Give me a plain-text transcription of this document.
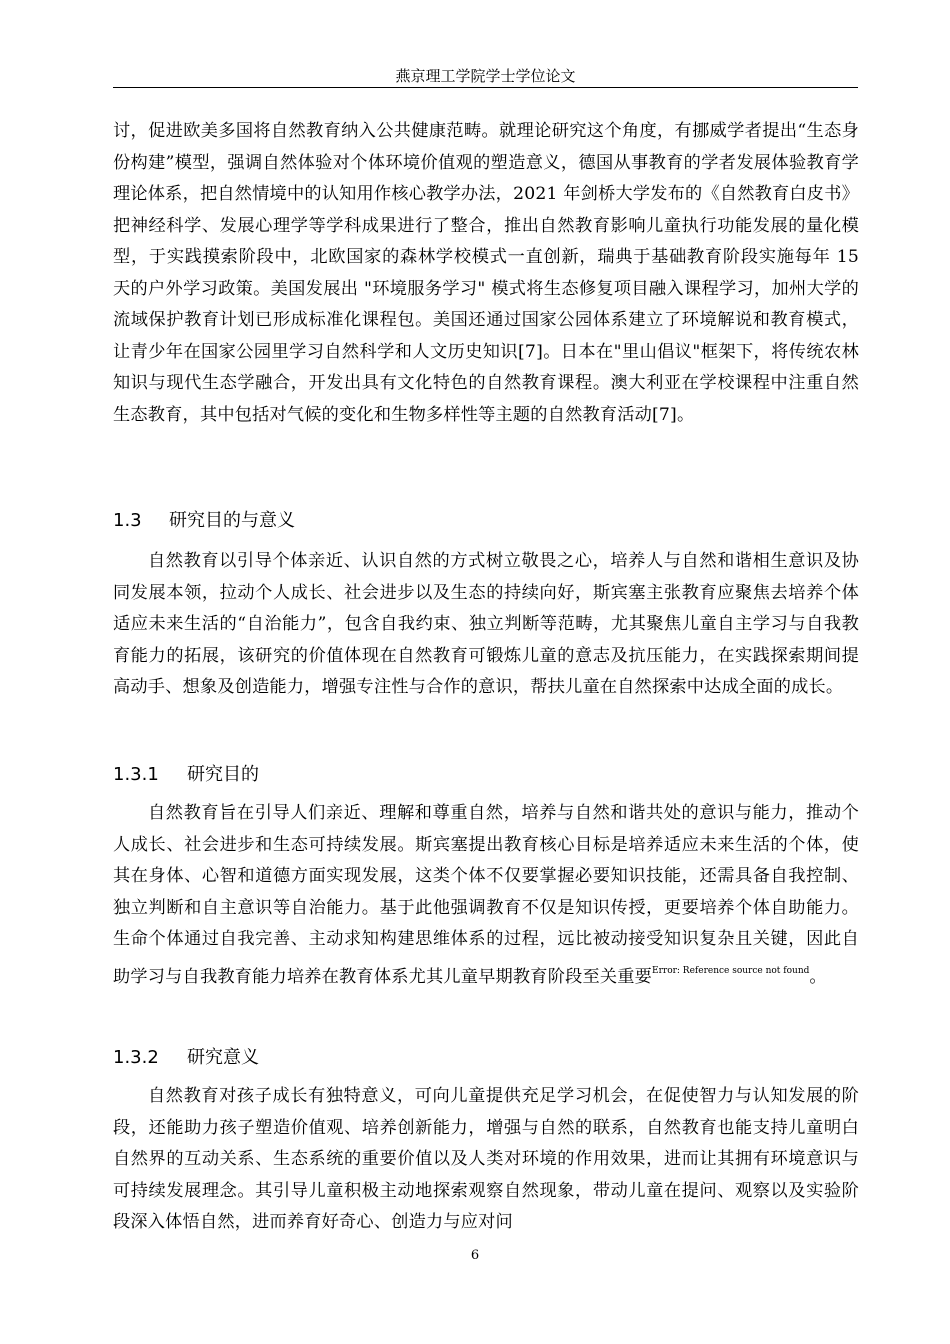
燕京理工学院学士学位论文
讨，促进欧美多国将自然教育纳入公共健康范畴。就理论研究这个角度，有挪威学者提出“生态身份构建”模型，强调自然体验对个体环境价值观的塑造意义，德国从事教育的学者发展体验教育学理论体系，把自然情境中的认知用作核心教学办法，2021 年剑桥大学发布的《自然教育白皮书》把神经科学、发展心理学等学科成果进行了整合，推出自然教育影响儿童执行功能发展的量化模型，于实践摸索阶段中，北欧国家的森林学校模式一直创新，瑞典于基础教育阶段实施每年 15 天的户外学习政策。美国发展出 "环境服务学习" 模式将生态修复项目融入课程学习，加州大学的流域保护教育计划已形成标准化课程包。美国还通过国家公园体系建立了环境解说和教育模式，让青少年在国家公园里学习自然科学和人文历史知识[7]。日本在"里山倡议"框架下，将传统农林知识与现代生态学融合，开发出具有文化特色的自然教育课程。澳大利亚在学校课程中注重自然生态教育，其中包括对气候的变化和生物多样性等主题的自然教育活动[7]。
1.3 研究目的与意义
自然教育以引导个体亲近、认识自然的方式树立敬畏之心，培养人与自然和谐相生意识及协同发展本领，拉动个人成长、社会进步以及生态的持续向好，斯宾塞主张教育应聚焦去培养个体适应未来生活的“自治能力”，包含自我约束、独立判断等范畴，尤其聚焦儿童自主学习与自我教育能力的拓展，该研究的价值体现在自然教育可锻炼儿童的意志及抗压能力，在实践探索期间提高动手、想象及创造能力，增强专注性与合作的意识，帮扶儿童在自然探索中达成全面的成长。
1.3.1 研究目的
自然教育旨在引导人们亲近、理解和尊重自然，培养与自然和谐共处的意识与能力，推动个人成长、社会进步和生态可持续发展。斯宾塞提出教育核心目标是培养适应未来生活的个体，使其在身体、心智和道德方面实现发展，这类个体不仅要掌握必要知识技能，还需具备自我控制、独立判断和自主意识等自治能力。基于此他强调教育不仅是知识传授，更要培养个体自助能力。生命个体通过自我完善、主动求知构建思维体系的过程，远比被动接受知识复杂且关键，因此自助学习与自我教育能力培养在教育体系尤其儿童早期教育阶段至关重要$^{Error: Reference source not found}$。
1.3.2 研究意义
自然教育对孩子成长有独特意义，可向儿童提供充足学习机会，在促使智力与认知发展的阶段，还能助力孩子塑造价值观、培养创新能力，增强与自然的联系，自然教育也能支持儿童明白自然界的互动关系、生态系统的重要价值以及人类对环境的作用效果，进而让其拥有环境意识与可持续发展理念。其引导儿童积极主动地探索观察自然现象，带动儿童在提问、观察以及实验阶段深入体悟自然，进而养育好奇心、创造力与应对问
6
